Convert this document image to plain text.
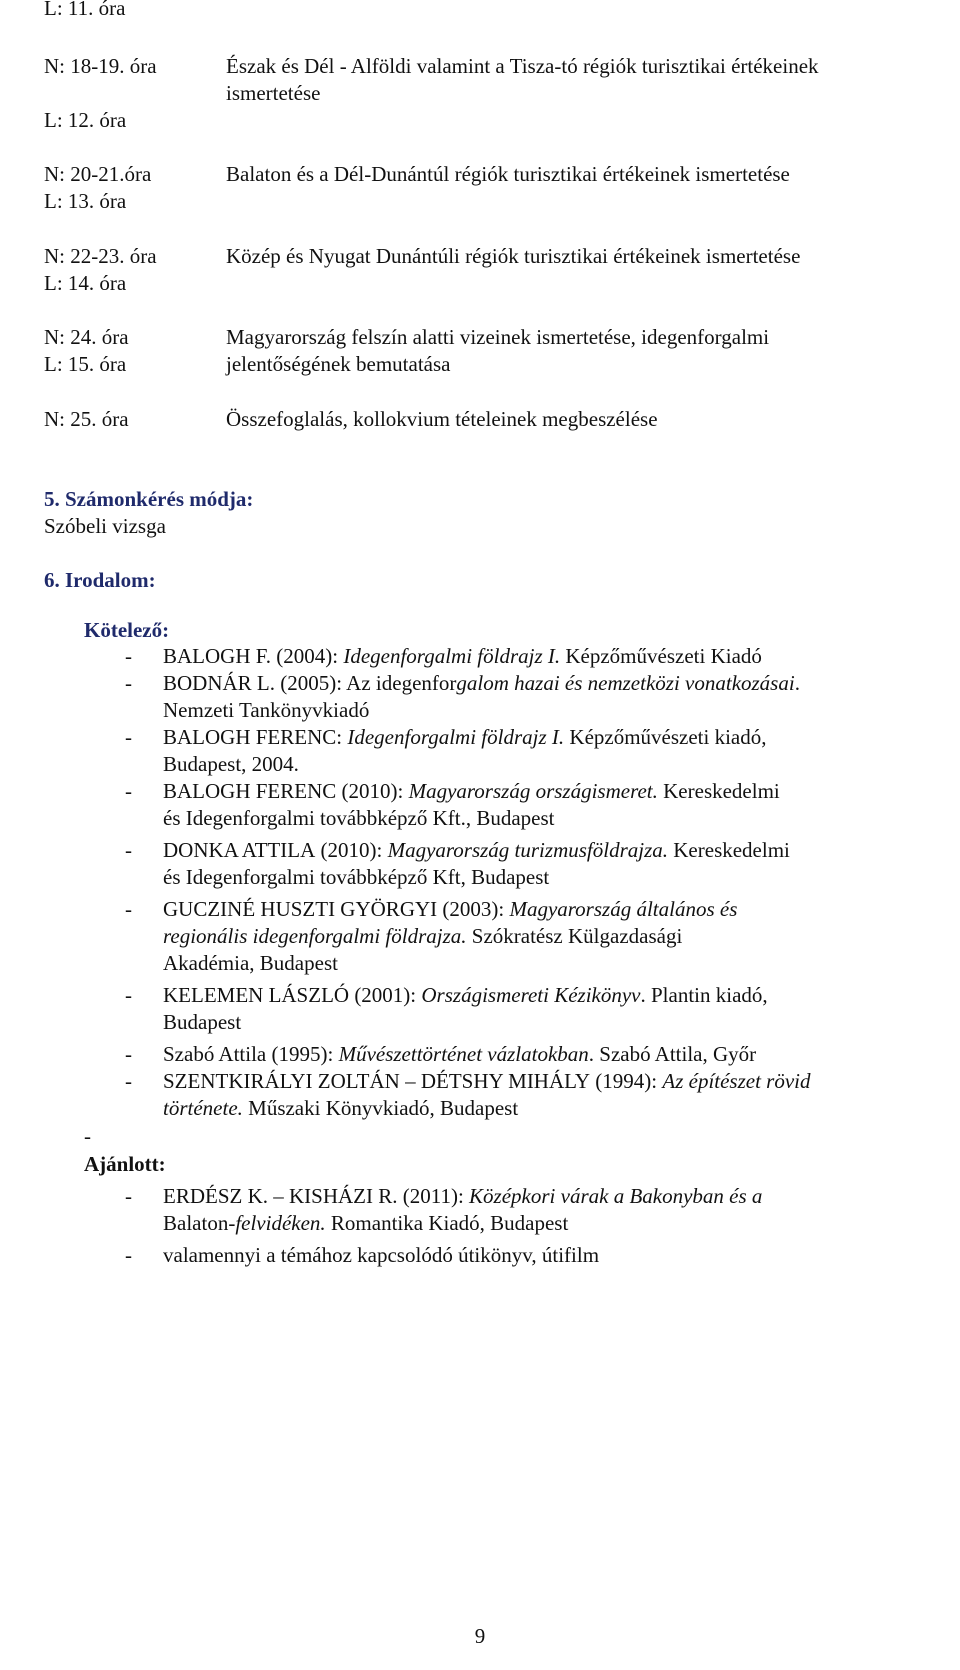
L: 11. óra
N: 18-19. óra
L: 12. óra
Észak és Dél - Alföldi valamint a Tisza-tó régiók turisztikai értékeinek
ismertetése
N: 20-21.óra
L: 13. óra
Balaton és a Dél-Dunántúl régiók turisztikai értékeinek ismertetése
N: 22-23. óra
L: 14. óra
Közép és Nyugat Dunántúli régiók turisztikai értékeinek ismertetése
N: 24. óra
L: 15. óra
Magyarország felszín alatti vizeinek ismertetése, idegenforgalmi
jelentőségének bemutatása
N: 25. óra	Összefoglalás, kollokvium tételeinek megbeszélése
5. Számonkérés módja:
Szóbeli vizsga
6. Irodalom:
Kötelező:
- BALOGH F. (2004): Idegenforgalmi földrajz I. Képzőművészeti Kiadó
- BODNÁR L. (2005): Az idegenforgalom hazai és nemzetközi vonatkozásai.
Nemzeti Tankönyvkiadó
- BALOGH FERENC: Idegenforgalmi földrajz I. Képzőművészeti kiadó,
Budapest, 2004.
- BALOGH FERENC (2010): Magyarország országismeret. Kereskedelmi
és Idegenforgalmi továbbképző Kft., Budapest
- DONKA ATTILA (2010): Magyarország turizmusföldrajza. Kereskedelmi
és Idegenforgalmi továbbképző Kft, Budapest
- GUCZINÉ HUSZTI GYÖRGYI (2003): Magyarország általános és
regionális idegenforgalmi földrajza. Szókratész Külgazdasági
Akadémia, Budapest
- KELEMEN LÁSZLÓ (2001): Országismereti Kézikönyv. Plantin kiadó,
Budapest
- Szabó Attila (1995): Művészettörténet vázlatokban. Szabó Attila, Győr
- SZENTKIRÁLYI ZOLTÁN – DÉTSHY MIHÁLY (1994): Az építészet rövid
története. Műszaki Könyvkiadó, Budapest
-
Ajánlott:
- ERDÉSZ K. – KISHÁZI R. (2011): Középkori várak a Bakonyban és a
Balaton-felvidéken. Romantika Kiadó, Budapest
- valamennyi a témához kapcsolódó útikönyv, útifilm
9
